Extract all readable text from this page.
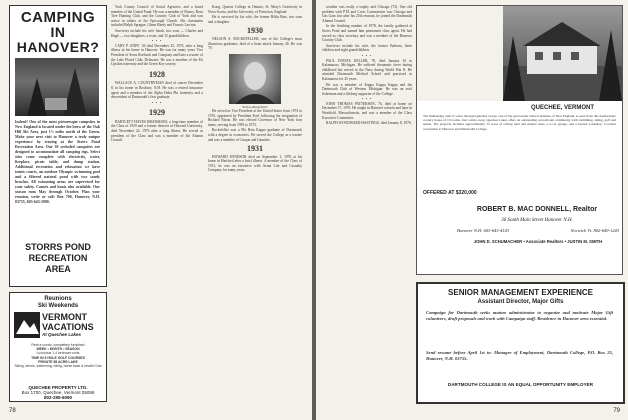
CAMPING
IN
HANOVER?
Indeed! One of the most picturesque campsites in New England is located under the brow of the Oak Hill Ski Area, just 1½ miles north of the Green. Make your next visit to Hanover a truly unique experience by staying at the Storrs Pond Recreation Area. Our 30 secluded campsites are designed to accommodate all camping rigs. Select sites come complete with electricity, water, fireplace, picnic table, and dump station. Additional recreation and relaxation we have tennis courts, an outdoor Olympic swimming pool and a filtered natural pond with two sandy beaches. All swimming areas are supervised for your safety. Canoes and boats also available. Our season runs May through October. Plan your reunion, write or call: Box 706, Hanover, N.H. 03755, 603-643-2090.
STORRS POND
RECREATION
AREA
Reunions
Ski Weekends
VERMONT
VACATIONS
At Quechee Lakes
Rent a condo, completely furnished
WEEK • MONTH • SEASON
Luxurious 1-4 bedroom units
TIME IN 9 HOLE GOLF COURSES
PRIVATE 58 ACRE LAKE
Skiing, tennis, swimming, riding, horse back & health Club
QUECHEE PROPERTY LTD.
Box 1700, Quechee, Vermont 05059
802-295-6090

York County Council of Social Agencies, and a board member of the United Fund. He was a member of Rotary, Rose Tree Hunting Club, and the Country Club of York and was active in affairs of the Episcopal Church. His classmates included Ralph Sprague, Glenn Hardy and Francis Lawton.

Survivors include his wife Sarah, two sons — Charles and Hugh — two daughters, a sister, and 15 grandchildren.

• • •

CARY P. STIFF, '26 died December 25, 1976, after a long illness in his home in Hanover. He was for many years Vice President of Sears Roebuck and Company and later a trustee of the Lake Placid Club, Delaware. He was a member of the Psi Upsilon fraternity and the Green Key society.

1928

WALLACE A. COUNTRYMAN died of cancer December 8, in his home in Roxbury, N.H. He was a retired insurance agent and a member of the Alpha Delta Phi fraternity and a descendent of Dartmouth's first graduate.

• • •
1929

BARTLETT HAYES BRADSHAW, a long-time member of the Class of 1929 and a former director of Harvard University, died November 22, 1976 after a long illness. He served as president of the Class and was a member of the Alumni Council.

Kong, Queens College in Ontario, St. Mary's University in Nova Scotia, and the University of Princeton, England.

He is survived by his wife, the former Hilda Burt, two sons and a daughter.

1930

NELSON A. ROCKEFELLER, one of the College's most illustrious graduates, died of a heart attack January 26. He was 70.

Nelson Rockefeller

He served as Vice President of the United States from 1974 to 1976, appointed by President Ford following the resignation of Richard Nixon. He was elected Governor of New York four times, serving from 1959 to 1973.

Rockefeller was a Phi Beta Kappa graduate of Dartmouth with a degree in economics. He served the College as a trustee and was a member of Casque and Gauntlet.

1931

HOWARD WINDSOR died on September 1, 1976 at his home in Hartford after a brief illness. A member of the Class of 1931, he was an executive with Aetna Life and Casualty Company for many years.

78

weather was really a trophy and Chicago (73). One old problem with PTA and Cross Commission was Chicago and Gas Gate, but after his 25th reunion, he joined the Dartmouth Alumni Council.

In the finishing number of 1978, the family gathered at Storrs Pond and named him permanent class agent. He had served as class secretary and was a member of the Hanover Country Club.

Survivors include his wife, the former Barbara, three children and eight grandchildren.

• • •

PAUL DAVIES KELLER, 78, died January 16 in Kalamazoo, Michigan. He suffered rheumatic fever during childhood but served in the Navy during World War II. He attended Dartmouth Medical School and practiced in Kalamazoo for 45 years.

He was a member of Kappa Kappa Kappa and the Dartmouth Club of Western Michigan. He was an avid fisherman and a lifelong supporter of the College.

• • •

JOHN THOMAS PATTERSON, 76, died at home on December 17, 1976. He taught in Hanover schools and later in Westfield, Massachusetts, and was a member of the Class Executive Committee.

RALPH WOODWARD HASTINGS, died January 8, 1976.

QUECHEE, VERMONT
The thundering rush of water through Quechee Gorge, one of the spectacular natural beauties of New England, is seen from this handsomely country house of 10 rooms. Just a mile away, Quechee Lakes offers an outstanding recreational community with swimming, skiing, golf and tennis. The property includes approximately 13 acres of rolling land and mature trees, a 2-car garage, and a heated workshop. Location convenient to Hanover and Dartmouth College.
OFFERED AT $320,000
ROBERT B. MAC DONNELL, Realtor
36 South Main Street Hanover N.H.
Hanover N.H. 603-643-4143	Norwich Vt. 802-649-1243
JOHN D. SCHUMACHER • Associate Realtors • JUSTIN M. SMITH
SENIOR MANAGEMENT EXPERIENCE
Assistant Director, Major Gifts
Campaign for Dartmouth seeks mature administrator to organize and motivate Major Gift volunteers, draft proposals and work with Campaign staff. Residence in Hanover area essential.
Send resume before April 1st to: Manager of Employment, Dartmouth College, P.O. Box 25, Hanover, N.H. 03755.
DARTMOUTH COLLEGE IS AN EQUAL OPPORTUNITY EMPLOYER
79
